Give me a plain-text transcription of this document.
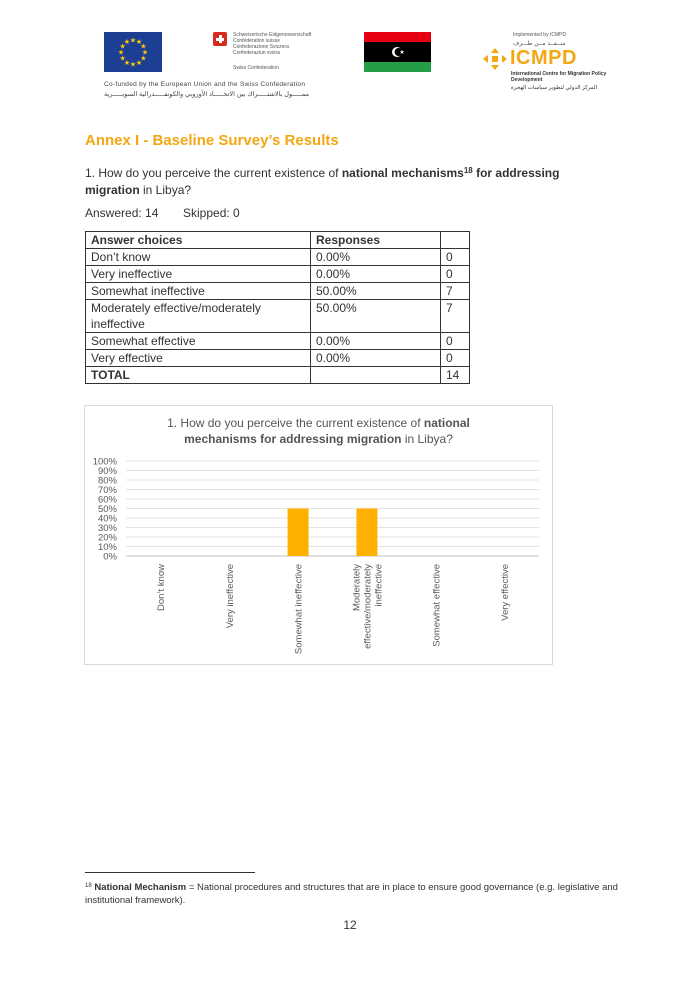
★ ★
★
★
★
★
★
★
★
★
★
★
Schweizerische Eidgenossenschaft
Confédération suisse
Confederazione Svizzera
Confederaziun svizra
Swiss Confederation
Implemented by ICMPD
منــفــذ مــن طـــرف
ICMPD
International Centre for Migration Policy Development
المركز الدولي لتطوير سياسات الهجرة
Co-funded by the European Union and the Swiss Confederation
ممـــــول بالاشتـــــراك بين الاتحـــــاد الأوروبي والكونفـــــدرالية السويـــــرية
Annex I - Baseline Survey’s Results
1. How do you perceive the current existence of national mechanisms$^{18}$ for addressing migration in Libya?
Answered: 14 Skipped: 0
Answer choices	Responses	
Don’t know	0.00%	0
Very ineffective	0.00%	0
Somewhat ineffective	50.00%	7
Moderately effective/moderately ineffective	50.00%	7
Somewhat effective	0.00%	0
Very effective	0.00%	0
TOTAL		14
1. How do you perceive the current existence of national
mechanisms for addressing migration in Libya?
0%
10%
20%
30%
40%
50%
60%
70%
80%
90%
100%
Don’t know	Very ineffective	Somewhat ineffective	Moderately effective/moderately ineffective	Somewhat effective	Very effective
$^{18}$ National Mechanism = National procedures and structures that are in place to ensure good governance (e.g. legislative and institutional framework).
12
